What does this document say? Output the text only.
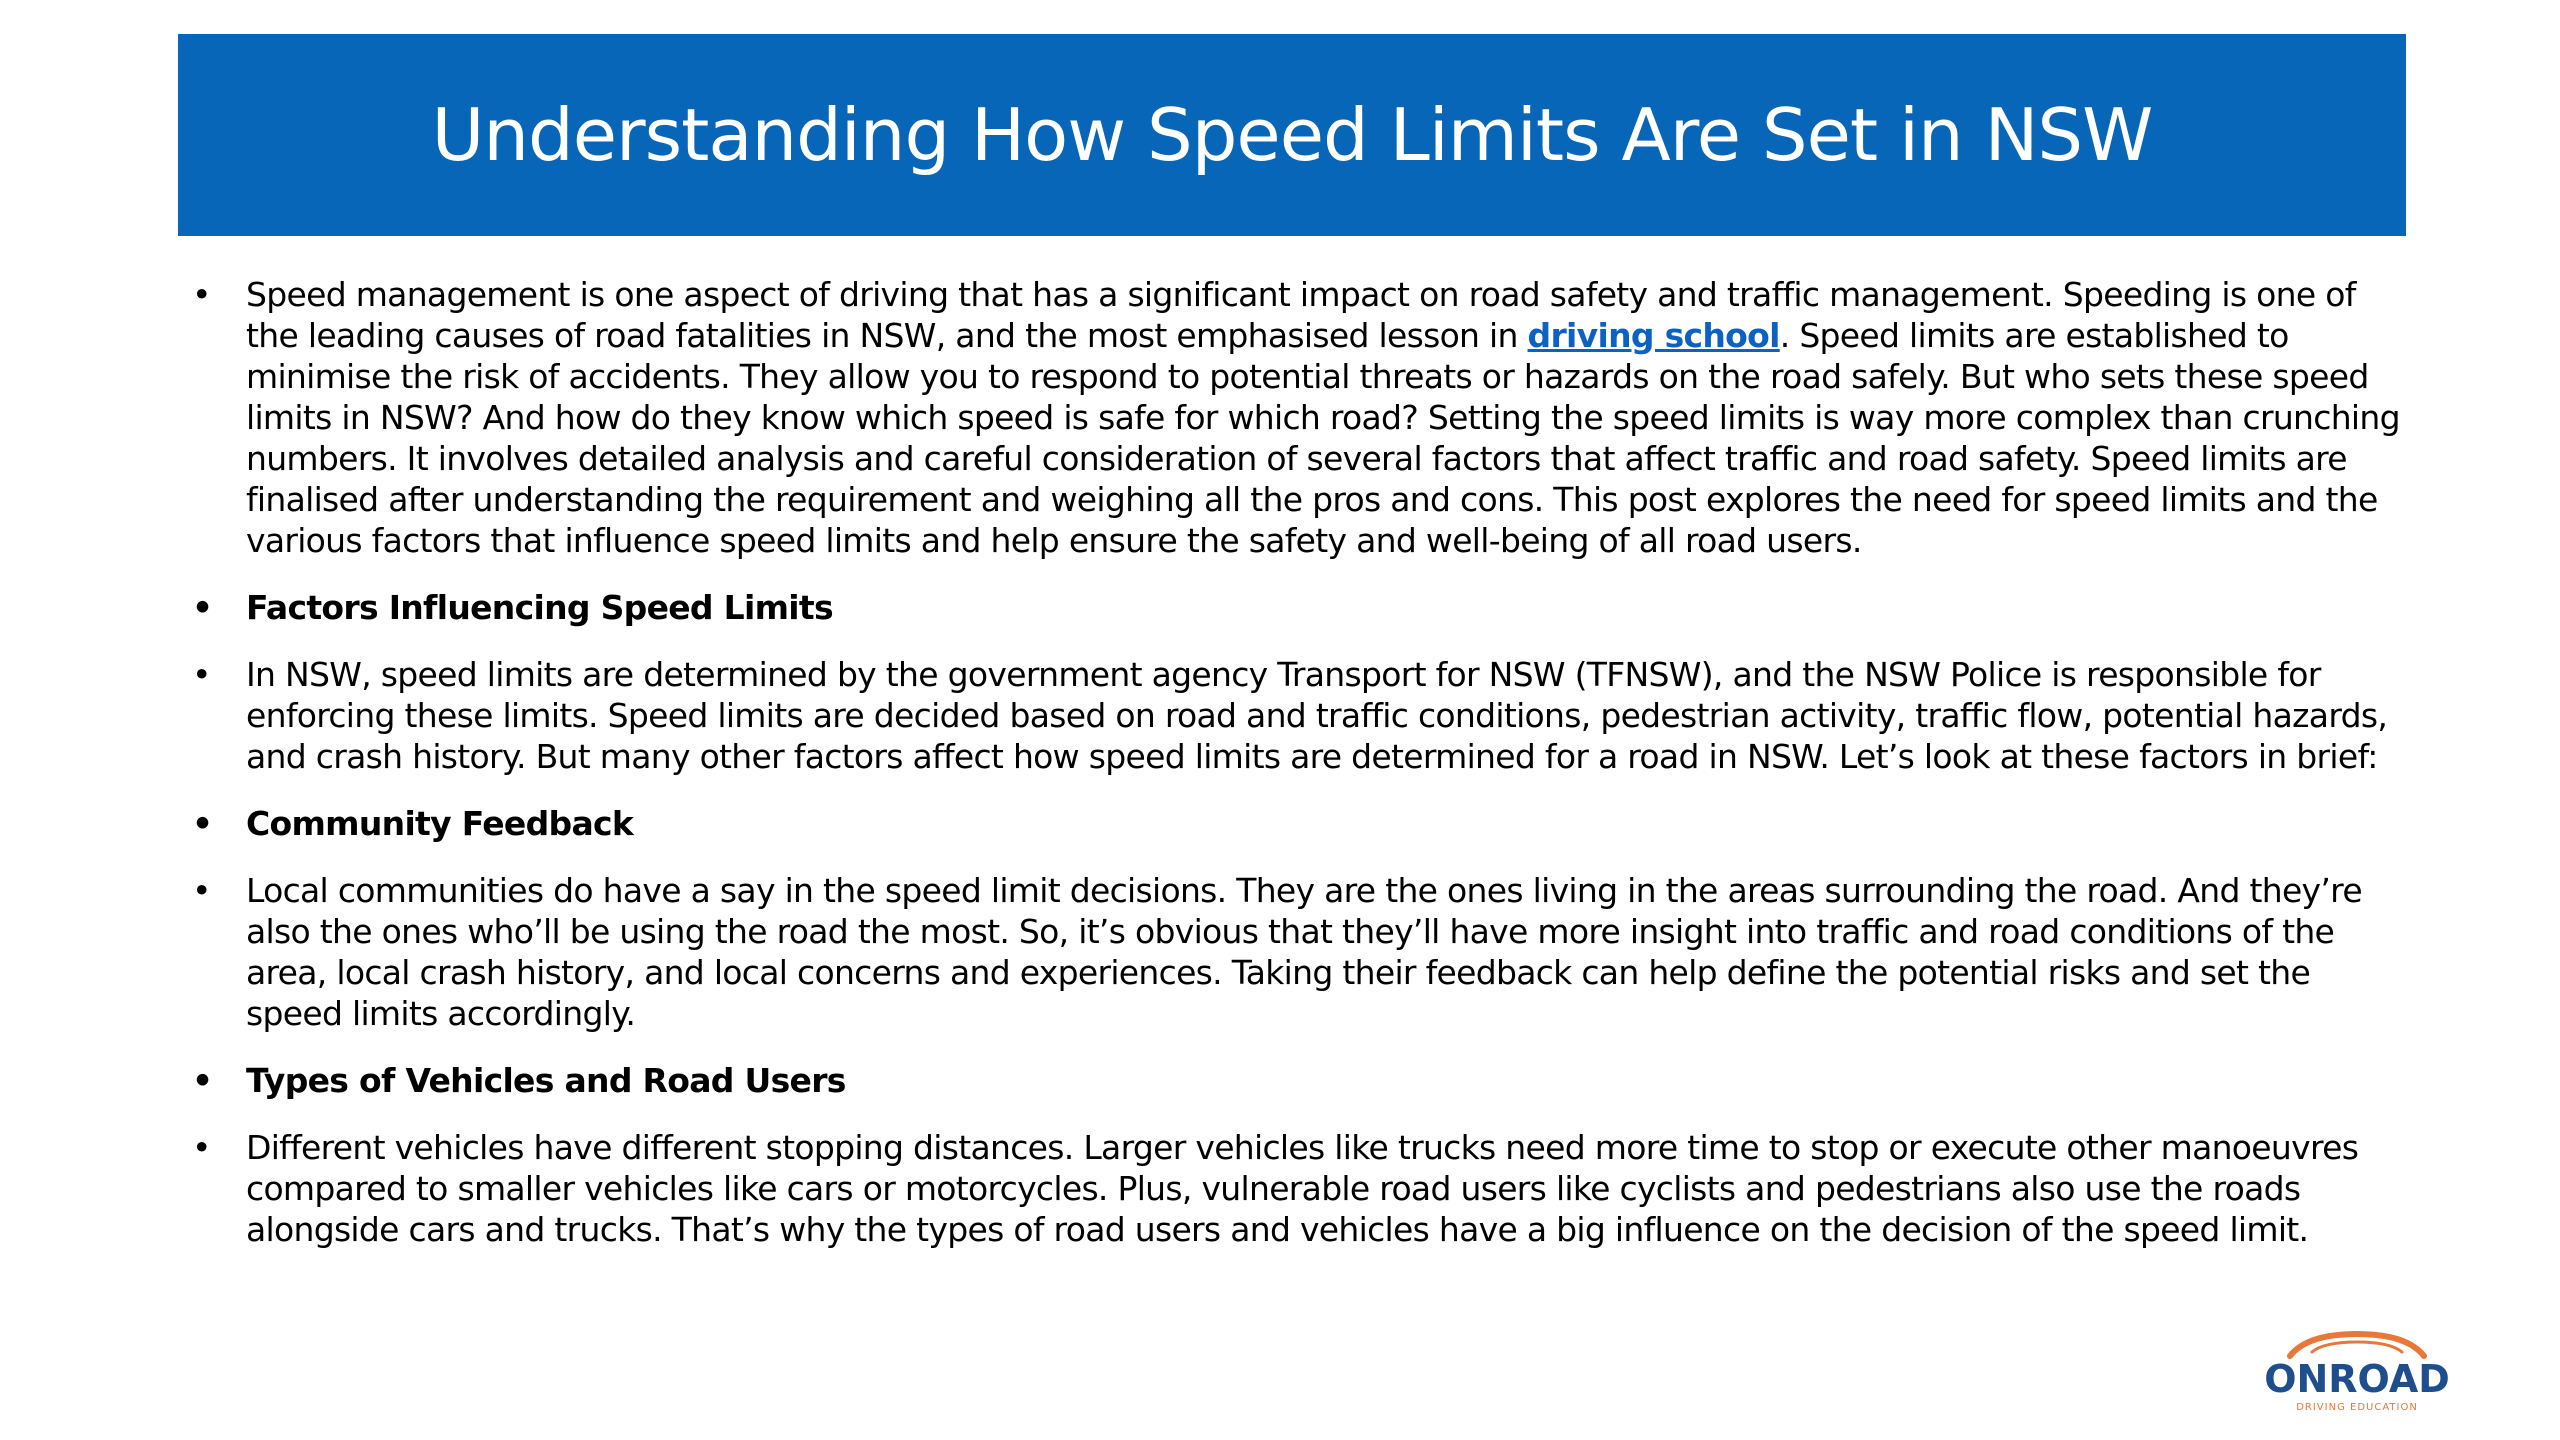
Understanding How Speed Limits Are Set in NSW
• Speed management is one aspect of driving that has a significant impact on road safety and traffic management. Speeding is one of the leading causes of road fatalities in NSW, and the most emphasised lesson in driving school. Speed limits are established to minimise the risk of accidents. They allow you to respond to potential threats or hazards on the road safely. But who sets these speed limits in NSW? And how do they know which speed is safe for which road? Setting the speed limits is way more complex than crunching numbers. It involves detailed analysis and careful consideration of several factors that affect traffic and road safety. Speed limits are finalised after understanding the requirement and weighing all the pros and cons. This post explores the need for speed limits and the various factors that influence speed limits and help ensure the safety and well-being of all road users.
• Factors Influencing Speed Limits
• In NSW, speed limits are determined by the government agency Transport for NSW (TFNSW), and the NSW Police is responsible for enforcing these limits. Speed limits are decided based on road and traffic conditions, pedestrian activity, traffic flow, potential hazards, and crash history. But many other factors affect how speed limits are determined for a road in NSW. Let’s look at these factors in brief:
• Community Feedback
• Local communities do have a say in the speed limit decisions. They are the ones living in the areas surrounding the road. And they’re also the ones who’ll be using the road the most. So, it’s obvious that they’ll have more insight into traffic and road conditions of the area, local crash history, and local concerns and experiences. Taking their feedback can help define the potential risks and set the speed limits accordingly.
• Types of Vehicles and Road Users
• Different vehicles have different stopping distances. Larger vehicles like trucks need more time to stop or execute other manoeuvres compared to smaller vehicles like cars or motorcycles. Plus, vulnerable road users like cyclists and pedestrians also use the roads alongside cars and trucks. That’s why the types of road users and vehicles have a big influence on the decision of the speed limit.
ONROAD
DRIVING EDUCATION
